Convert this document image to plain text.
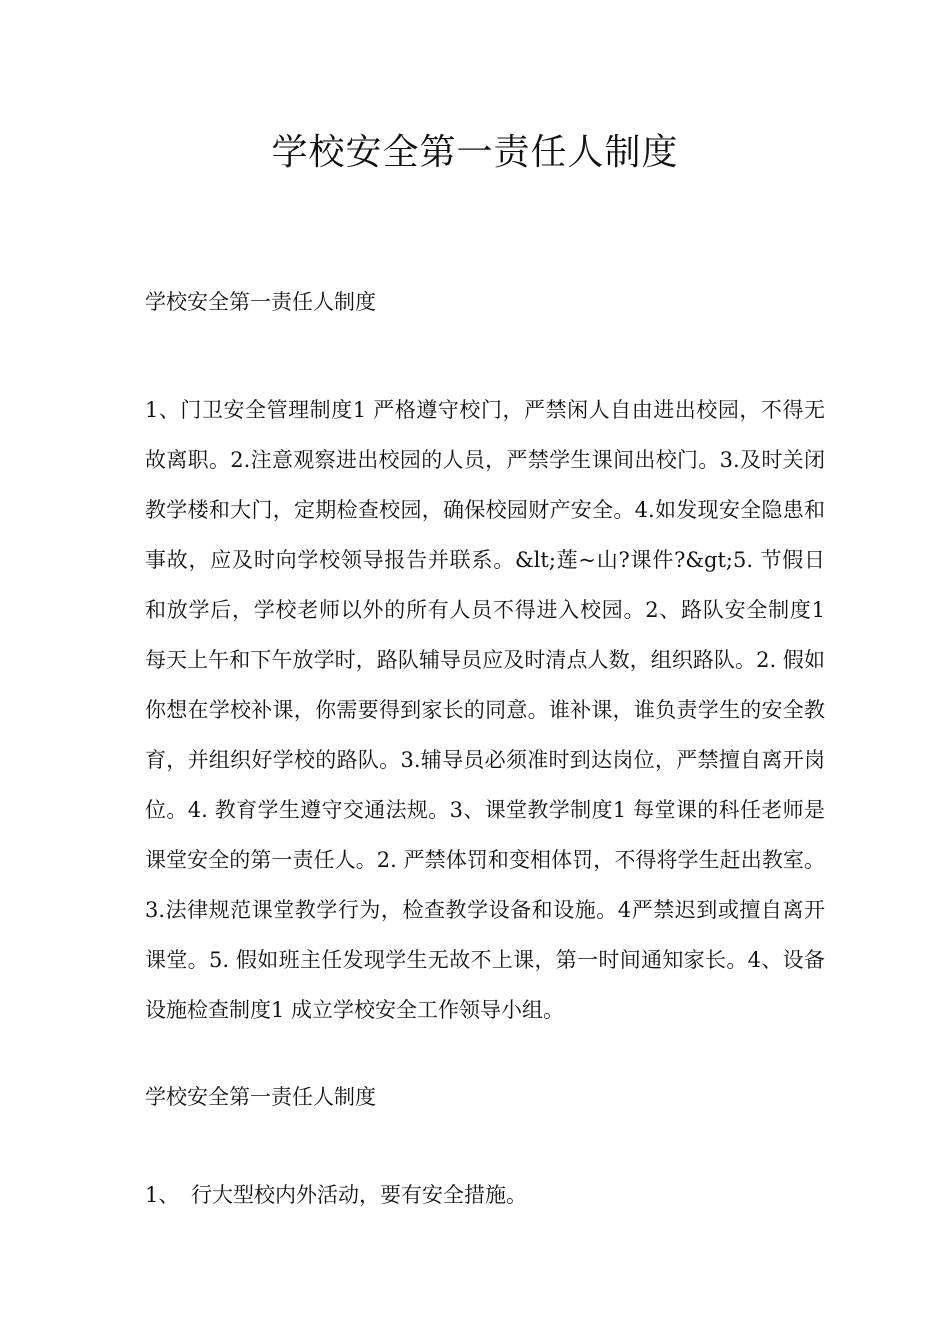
学校安全第一责任人制度

学校安全第一责任人制度

1、门卫安全管理制度1 严格遵守校门，严禁闲人自由进出校园，不得无故离职。2.注意观察进出校园的人员，严禁学生课间出校门。3.及时关闭教学楼和大门，定期检查校园，确保校园财产安全。4.如发现安全隐患和事故，应及时向学校领导报告并联系。&lt;莲~山?课件?&gt;5. 节假日和放学后，学校老师以外的所有人员不得进入校园。2、路队安全制度1 每天上午和下午放学时，路队辅导员应及时清点人数，组织路队。2. 假如你想在学校补课，你需要得到家长的同意。谁补课，谁负责学生的安全教育，并组织好学校的路队。3.辅导员必须准时到达岗位，严禁擅自离开岗位。4. 教育学生遵守交通法规。3、课堂教学制度1 每堂课的科任老师是课堂安全的第一责任人。2. 严禁体罚和变相体罚，不得将学生赶出教室。3.法律规范课堂教学行为，检查教学设备和设施。4严禁迟到或擅自离开课堂。5. 假如班主任发现学生无故不上课，第一时间通知家长。4、设备设施检查制度1 成立学校安全工作领导小组。

学校安全第一责任人制度

1、 行大型校内外活动，要有安全措施。
